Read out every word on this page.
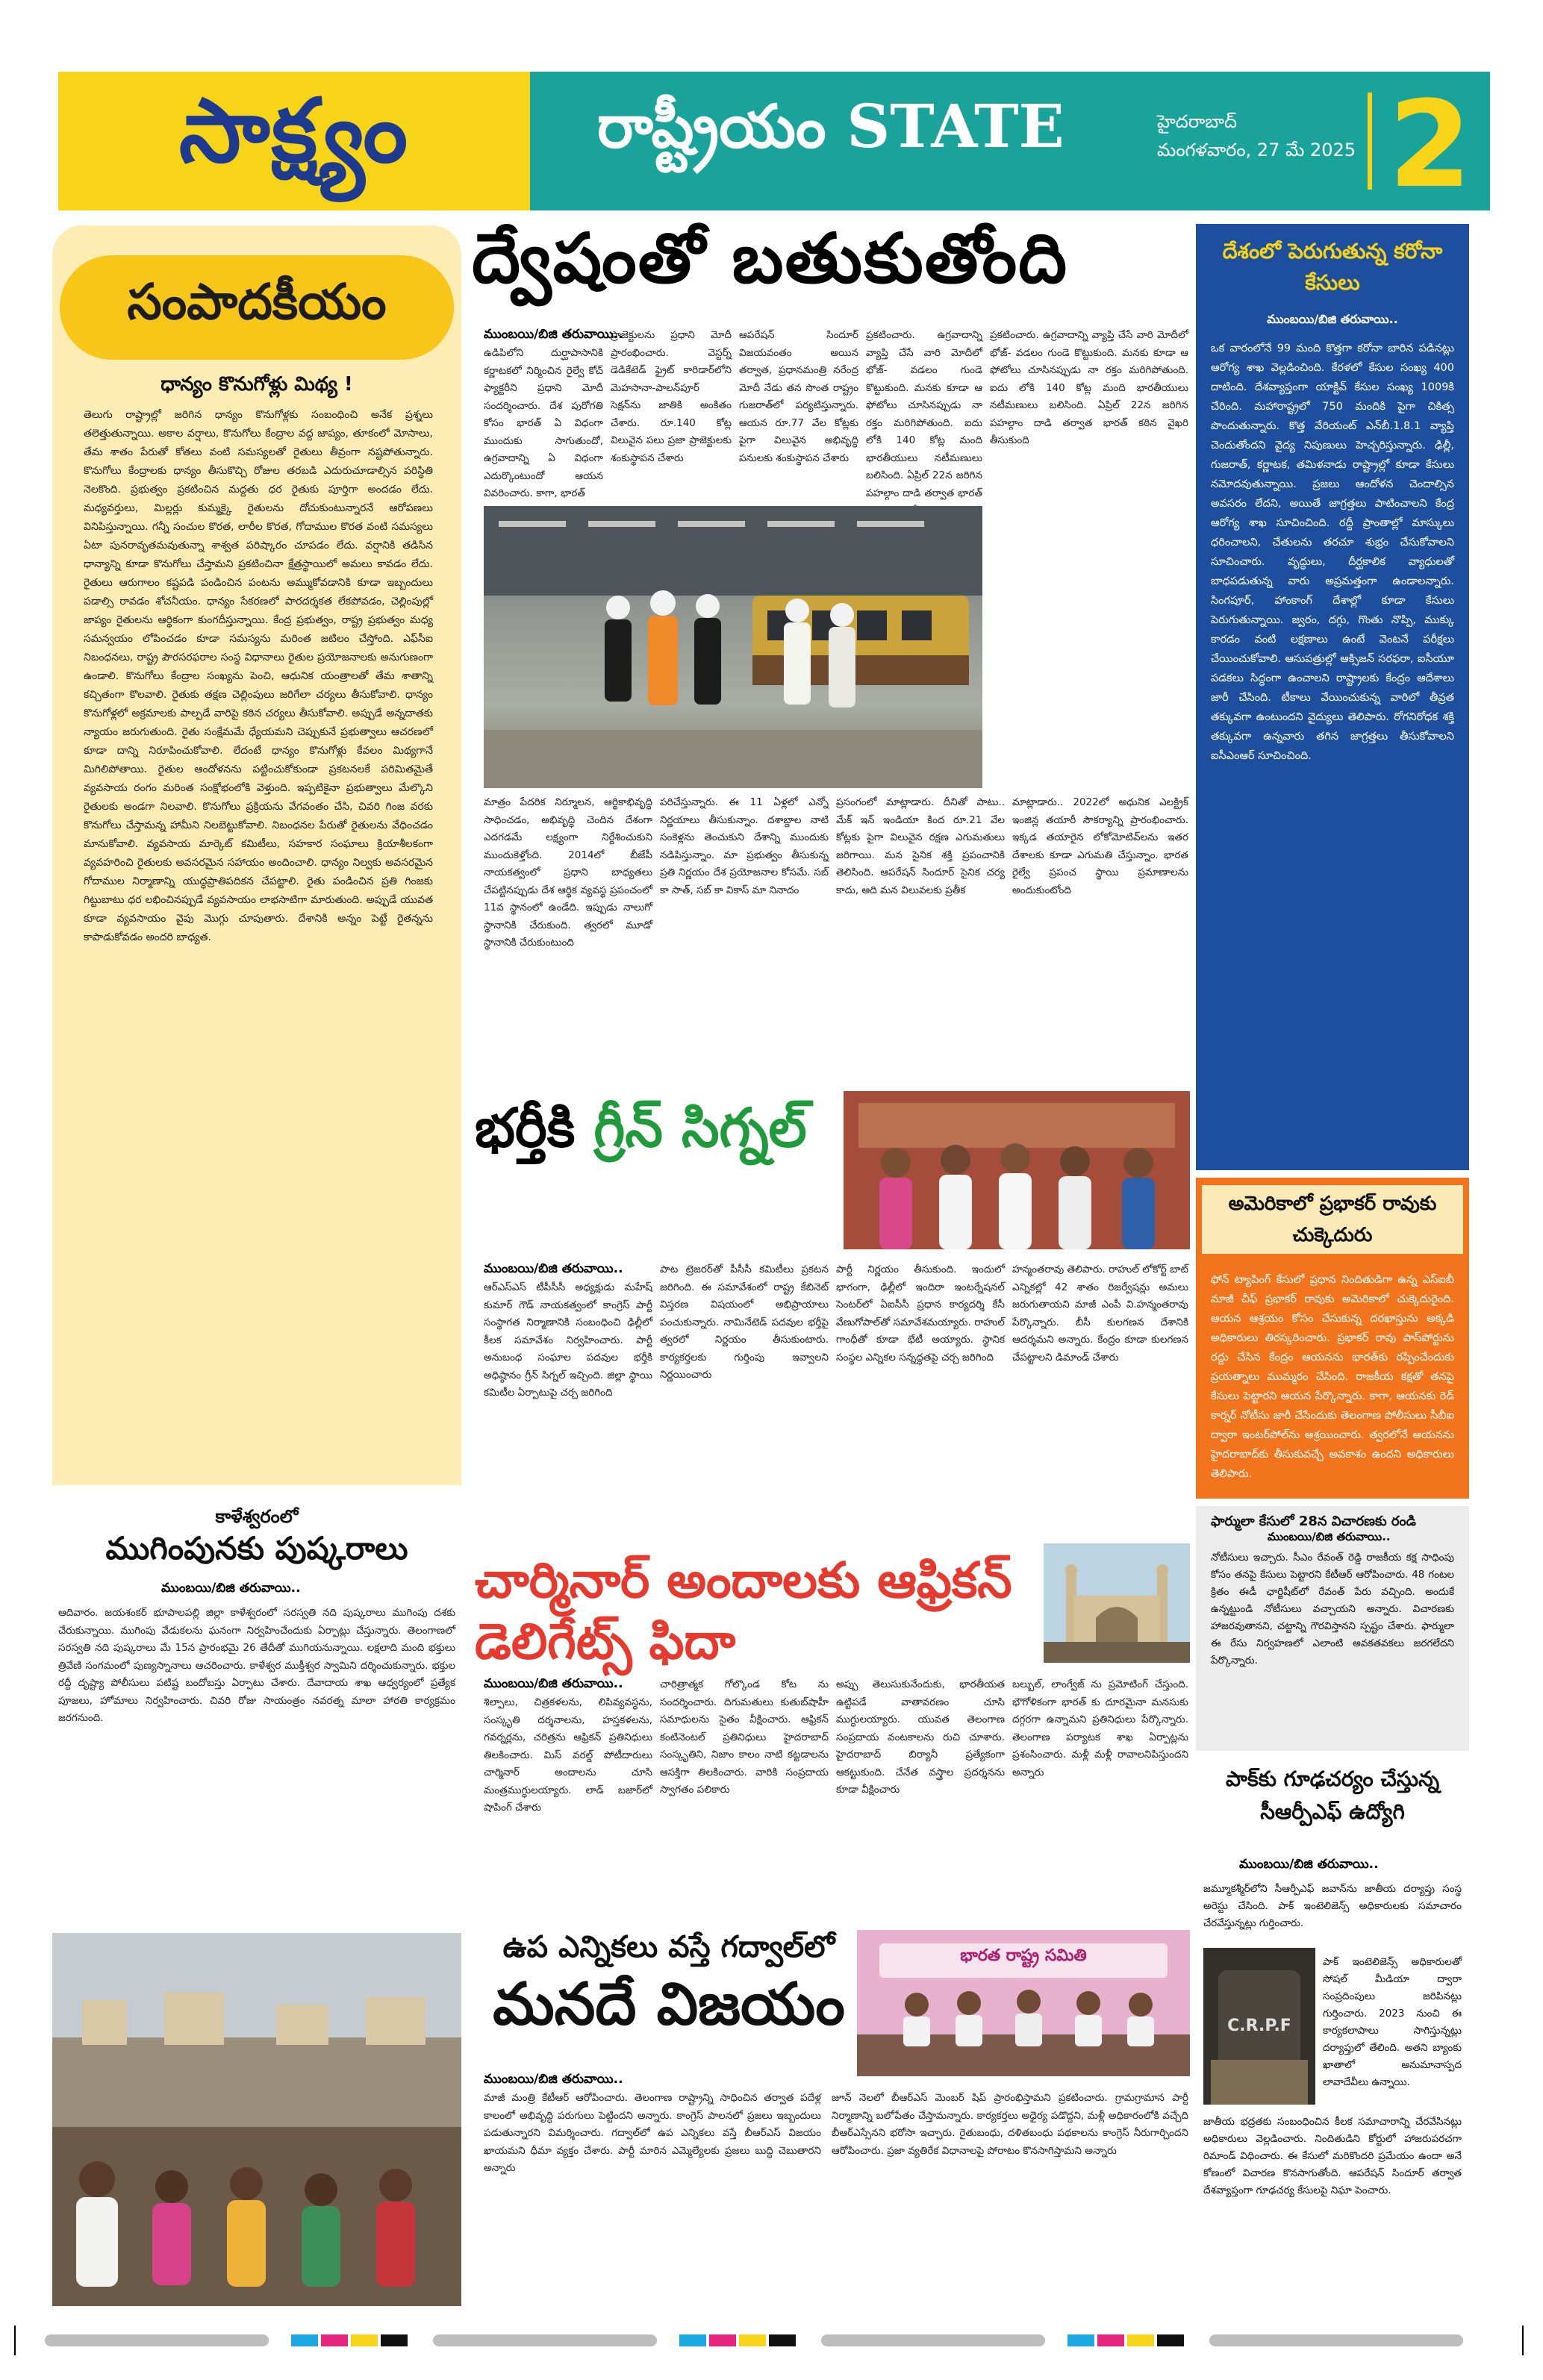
సాక్ష్యం	రాష్ట్రీయం STATE	హైదరాబాద్
మంగళవారం, 27 మే 2025 2
సంపాదకీయం
ధాన్యం కొనుగోళ్లు మిథ్య !
తెలుగు రాష్ట్రాల్లో జరిగిన ధాన్యం కొనుగోళ్లకు సంబంధించి అనేక ప్రశ్నలు తలెత్తుతున్నాయి. అకాల వర్షాలు, కొనుగోలు కేంద్రాల వద్ద జాప్యం, తూకంలో మోసాలు, తేమ శాతం పేరుతో కోతలు వంటి సమస్యలతో రైతులు తీవ్రంగా నష్టపోతున్నారు. కొనుగోలు కేంద్రాలకు ధాన్యం తీసుకొచ్చి రోజుల తరబడి ఎదురుచూడాల్సిన పరిస్థితి నెలకొంది. ప్రభుత్వం ప్రకటించిన మద్దతు ధర రైతుకు పూర్తిగా అందడం లేదు. మధ్యవర్తులు, మిల్లర్లు కుమ్మక్కై రైతులను దోచుకుంటున్నారనే ఆరోపణలు వినిపిస్తున్నాయి. గన్నీ సంచుల కొరత, లారీల కొరత, గోదాముల కొరత వంటి సమస్యలు ఏటా పునరావృతమవుతున్నా శాశ్వత పరిష్కారం చూపడం లేదు. వర్షానికి తడిసిన ధాన్యాన్ని కూడా కొనుగోలు చేస్తామని ప్రకటించినా క్షేత్రస్థాయిలో అమలు కావడం లేదు. రైతులు ఆరుగాలం కష్టపడి పండించిన పంటను అమ్ముకోవడానికి కూడా ఇబ్బందులు పడాల్సి రావడం శోచనీయం. ధాన్యం సేకరణలో పారదర్శకత లేకపోవడం, చెల్లింపుల్లో జాప్యం రైతులను ఆర్థికంగా కుంగదీస్తున్నాయి. కేంద్ర ప్రభుత్వం, రాష్ట్ర ప్రభుత్వం మధ్య సమన్వయం లోపించడం కూడా సమస్యను మరింత జటిలం చేస్తోంది. ఎఫ్‌సీఐ నిబంధనలు, రాష్ట్ర పౌరసరఫరాల సంస్థ విధానాలు రైతుల ప్రయోజనాలకు అనుగుణంగా ఉండాలి. కొనుగోలు కేంద్రాల సంఖ్యను పెంచి, ఆధునిక యంత్రాలతో తేమ శాతాన్ని కచ్చితంగా కొలవాలి. రైతుకు తక్షణ చెల్లింపులు జరిగేలా చర్యలు తీసుకోవాలి. ధాన్యం కొనుగోళ్లలో అక్రమాలకు పాల్పడే వారిపై కఠిన చర్యలు తీసుకోవాలి. అప్పుడే అన్నదాతకు న్యాయం జరుగుతుంది. రైతు సంక్షేమమే ధ్యేయమని చెప్పుకునే ప్రభుత్వాలు ఆచరణలో కూడా దాన్ని నిరూపించుకోవాలి. లేదంటే ధాన్యం కొనుగోళ్లు కేవలం మిథ్యగానే మిగిలిపోతాయి. రైతుల ఆందోళనను పట్టించుకోకుండా ప్రకటనలకే పరిమితమైతే వ్యవసాయ రంగం మరింత సంక్షోభంలోకి వెళ్తుంది. ఇప్పటికైనా ప్రభుత్వాలు మేల్కొని రైతులకు అండగా నిలవాలి. కొనుగోలు ప్రక్రియను వేగవంతం చేసి, చివరి గింజ వరకు కొనుగోలు చేస్తామన్న హామీని నిలబెట్టుకోవాలి. నిబంధనల పేరుతో రైతులను వేధించడం మానుకోవాలి. వ్యవసాయ మార్కెట్ కమిటీలు, సహకార సంఘాలు క్రియాశీలకంగా వ్యవహరించి రైతులకు అవసరమైన సహాయం అందించాలి. ధాన్యం నిల్వకు అవసరమైన గోదాముల నిర్మాణాన్ని యుద్ధప్రాతిపదికన చేపట్టాలి. రైతు పండించిన ప్రతి గింజకు గిట్టుబాటు ధర లభించినప్పుడే వ్యవసాయం లాభసాటిగా మారుతుంది. అప్పుడే యువత కూడా వ్యవసాయం వైపు మొగ్గు చూపుతారు. దేశానికి అన్నం పెట్టే రైతన్నను కాపాడుకోవడం అందరి బాధ్యత.
ద్వేషంతో బతుకుతోంది
ముంబయి/బిజి తరువాయి..
ఉడిపిలోని దుర్ఘాపాసానికి కర్ణాటకలో నిర్మించిన రైల్వే కోచ్ ఫ్యాక్టరీని ప్రధాని మోదీ సందర్శించారు. దేశ పురోగతి కోసం భారత్ ఏ విధంగా ముందుకు సాగుతుందో, ఉగ్రవాదాన్ని ఏ విధంగా ఎదుర్కొంటుందో ఆయన వివరించారు. కాగా, భారత్
ప్రాజెక్టులను ప్రధాని మోదీ ప్రారంభించారు. వెస్టర్న్ డెడికేటెడ్ ఫ్రైట్ కారిడార్‌లోని మెహసానా-పాలన్‌పూర్ సెక్షన్‌ను జాతికి అంకితం చేశారు. రూ.140 కోట్ల విలువైన పలు ప్రజా ప్రాజెక్టులకు శంకుస్థాపన చేశారు
ఆపరేషన్ సిందూర్ విజయవంతం అయిన తర్వాత, ప్రధానమంత్రి నరేంద్ర మోదీ నేడు తన సొంత రాష్ట్రం గుజరాత్‌లో పర్యటిస్తున్నారు. ఆయన రూ.77 వేల కోట్లకు పైగా విలువైన అభివృద్ధి పనులకు శంకుస్థాపన చేశారు
ప్రకటించారు. ఉగ్రవాదాన్ని వ్యాప్తి చేసే వారి మోదీలో భోజ్- వడలం గుండె కొట్టుకుంది. మనకు కూడా ఆ ఫోటోలు చూసినప్పుడు నా రక్తం మరిగిపోతుంది. ఐదు లోకి 140 కోట్ల మంది భారతీయులు నటీమణులు బలిసింది. ఏప్రిల్ 22న జరిగిన పహల్గాం దాడి తర్వాత భారత్
ప్రకటించారు. ఉగ్రవాదాన్ని వ్యాప్తి చేసే వారి మోదీలో భోజ్- వడలం గుండె కొట్టుకుంది. మనకు కూడా ఆ ఫోటోలు చూసినప్పుడు నా రక్తం మరిగిపోతుంది. ఐదు లోకి 140 కోట్ల మంది భారతీయులు నటీమణులు బలిసింది. ఏప్రిల్ 22న జరిగిన పహల్గాం దాడి తర్వాత భారత్ కఠిన వైఖరి తీసుకుంది
మాత్రం పేదరిక నిర్మూలన, ఆర్థికాభివృద్ధి సాధించడం, అభివృద్ధి చెందిన దేశంగా ఎదగడమే లక్ష్యంగా నిర్దేశించుకుని ముందుకెళ్తోంది. 2014లో బీజేపీ నాయకత్వంలో ప్రధాని బాధ్యతలు చేపట్టినప్పుడు దేశ ఆర్థిక వ్యవస్థ ప్రపంచంలో 11వ స్థానంలో ఉండేది. ఇప్పుడు నాలుగో స్థానానికి చేరుకుంది. త్వరలో మూడో స్థానానికి చేరుకుంటుంది
పరిచేస్తున్నారు. ఈ 11 ఏళ్లలో ఎన్నో నిర్ణయాలు తీసుకున్నాం. దశాబ్దాల నాటి సంకెళ్లను తెంచుకుని దేశాన్ని ముందుకు నడిపిస్తున్నాం. మా ప్రభుత్వం తీసుకున్న ప్రతి నిర్ణయం దేశ ప్రయోజనాల కోసమే. సబ్ కా సాత్, సబ్ కా వికాస్ మా నినాదం
ప్రసంగంలో మాట్లాడారు. దీనితో పాటు.. మేక్ ఇన్ ఇండియా కింద రూ.21 వేల కోట్లకు పైగా విలువైన రక్షణ ఎగుమతులు జరిగాయి. మన సైనిక శక్తి ప్రపంచానికి తెలిసింది. ఆపరేషన్ సిందూర్ సైనిక చర్య కాదు, అది మన విలువలకు ప్రతీక
మాట్లాడారు.. 2022లో అధునిక ఎలక్ట్రిక్ ఇంజిన్ల తయారీ సౌకర్యాన్ని ప్రారంభించారు. ఇక్కడ తయారైన లోకోమోటివ్‌లను ఇతర దేశాలకు కూడా ఎగుమతి చేస్తున్నాం. భారత రైల్వే ప్రపంచ స్థాయి ప్రమాణాలను అందుకుంటోంది
భర్తీకి గ్రీన్ సిగ్నల్
ముంబయి/బిజి తరువాయి..
ఆర్ఎస్ఎస్ టీపీసీసీ అధ్యక్షుడు మహేష్ కుమార్ గౌడ్ నాయకత్వంలో కాంగ్రెస్ పార్టీ సంస్థాగత నిర్మాణానికి సంబంధించి ఢిల్లీలో కీలక సమావేశం నిర్వహించారు. పార్టీ అనుబంధ సంఘాల పదవుల భర్తీకి అధిష్ఠానం గ్రీన్ సిగ్నల్ ఇచ్చింది. జిల్లా స్థాయి కమిటీల ఏర్పాటుపై చర్చ జరిగింది
పాట ట్రెజరర్‌తో పీసీసీ కమిటీలు ప్రకటన జరిగింది. ఈ సమావేశంలో రాష్ట్ర కేబినెట్ విస్తరణ విషయంలో అభిప్రాయాలు పంచుకున్నారు. నామినేటెడ్ పదవుల భర్తీపై త్వరలో నిర్ణయం తీసుకుంటారు. కార్యకర్తలకు గుర్తింపు ఇవ్వాలని నిర్ణయించారు
పార్టీ నిర్ణయం తీసుకుంది. ఇందులో భాగంగా, ఢిల్లీలో ఇందిరా ఇంటర్నేషనల్ సెంటర్‌లో ఏఐసీసీ ప్రధాన కార్యదర్శి కేసీ వేణుగోపాల్‌తో సమావేశమయ్యారు. రాహుల్ గాంధీతో కూడా భేటీ అయ్యారు. స్థానిక సంస్థల ఎన్నికల సన్నద్ధతపై చర్చ జరిగింది
హన్మంతరావు తెలిపారు. రాహుల్ లోకోర్ట్ బాట్ ఎన్నికల్లో 42 శాతం రిజర్వేషన్లు అమలు జరుగుతాయని మాజీ ఎంపీ వి.హన్మంతరావు పేర్కొన్నారు. బీసీ కులగణన దేశానికి ఆదర్శమని అన్నారు. కేంద్రం కూడా కులగణన చేపట్టాలని డిమాండ్ చేశారు
చార్మినార్ అందాలకు ఆఫ్రికన్ డెలిగేట్స్ ఫిదా
ముంబయి/బిజి తరువాయి..
శిల్పాలు, చిత్రకళలను, లిపివ్యవస్థను, సంస్కృతి దర్శనాలను, హస్తకళలను, గవర్నర్లను, చరిత్రను ఆఫ్రికన్ ప్రతినిధులు తిలకించారు. మిస్ వరల్డ్ పోటీదారులు చార్మినార్ అందాలను చూసి మంత్రముగ్ధులయ్యారు. లాడ్ బజార్‌లో షాపింగ్ చేశారు
చారిత్రాత్మక గోల్కొండ కోట ను సందర్శించారు. దిగుమతులు కుతుబ్‌షాహీ సమాధులను సైతం వీక్షించారు. ఆఫ్రికన్ కంటినెంటల్ ప్రతినిధులు హైదరాబాద్ సంస్కృతిని, నిజాం కాలం నాటి కట్టడాలను ఆసక్తిగా తిలకించారు. వారికి సంప్రదాయ స్వాగతం పలికారు
అప్పు తెలుసుకునేందుకు, భారతీయత ఉట్టిపడే వాతావరణం చూసి ముగ్ధులయ్యారు. యువత తెలంగాణ సంప్రదాయ వంటకాలను రుచి చూశారు. హైదరాబాద్ బిర్యానీ ప్రత్యేకంగా ఆకట్టుకుంది. చేనేత వస్త్రాల ప్రదర్శనను కూడా వీక్షించారు
బల్బుల్, లాంగ్వేజ్ ను ప్రమోటింగ్ చేస్తుంది. భౌగోళికంగా భారత్ కు దూరమైనా మనసుకు దగ్గరగా ఉన్నామని ప్రతినిధులు పేర్కొన్నారు. తెలంగాణ పర్యాటక శాఖ ఏర్పాట్లను ప్రశంసించారు. మళ్లీ మళ్లీ రావాలనిపిస్తుందని అన్నారు
ఉప ఎన్నికలు వస్తే గద్వాల్‌లో
మనదే విజయం
భారత రాష్ట్ర సమితి
ముంబయి/బిజి తరువాయి..
మాజీ మంత్రి కేటీఆర్ ఆరోపించారు. తెలంగాణ రాష్ట్రాన్ని సాధించిన తర్వాత పదేళ్ల కాలంలో అభివృద్ధి పరుగులు పెట్టిందని అన్నారు. కాంగ్రెస్ పాలనలో ప్రజలు ఇబ్బందులు పడుతున్నారని విమర్శించారు. గద్వాల్‌లో ఉప ఎన్నికలు వస్తే బీఆర్ఎస్ విజయం ఖాయమని ధీమా వ్యక్తం చేశారు. పార్టీ మారిన ఎమ్మెల్యేలకు ప్రజలు బుద్ధి చెబుతారని అన్నారు
జూన్ నెలలో బీఆర్ఎస్ మెంబర్ షిప్ ప్రారంభిస్తామని ప్రకటించారు. గ్రామగ్రామాన పార్టీ నిర్మాణాన్ని బలోపేతం చేస్తామన్నారు. కార్యకర్తలు అధైర్య పడొద్దని, మళ్లీ అధికారంలోకి వచ్చేది బీఆర్ఎస్సేనని భరోసా ఇచ్చారు. రైతుబంధు, దళితబంధు పథకాలను కాంగ్రెస్ నీరుగార్చిందని ఆరోపించారు. ప్రజా వ్యతిరేక విధానాలపై పోరాటం కొనసాగిస్తామని అన్నారు
కాళేశ్వరంలో
ముగింపునకు పుష్కరాలు
ముంబయి/బిజి తరువాయి..
ఆదివారం. జయశంకర్ భూపాలపల్లి జిల్లా కాళేశ్వరంలో సరస్వతి నది పుష్కరాలు ముగింపు దశకు చేరుకున్నాయి. ముగింపు వేడుకలను ఘనంగా నిర్వహించేందుకు ఏర్పాట్లు చేస్తున్నారు. తెలంగాణలో సరస్వతి నది పుష్కరాలు మే 15న ప్రారంభమై 26 తేదీతో ముగియనున్నాయి. లక్షలాది మంది భక్తులు త్రివేణి సంగమంలో పుణ్యస్నానాలు ఆచరించారు. కాళేశ్వర ముక్తీశ్వర స్వామిని దర్శించుకున్నారు. భక్తుల రద్దీ దృష్ట్యా పోలీసులు పటిష్ట బందోబస్తు ఏర్పాటు చేశారు. దేవాదాయ శాఖ ఆధ్వర్యంలో ప్రత్యేక పూజలు, హోమాలు నిర్వహించారు. చివరి రోజు సాయంత్రం నవరత్న మాలా హారతి కార్యక్రమం జరగనుంది.
దేశంలో పెరుగుతున్న కరోనా కేసులు
ముంబయి/బిజి తరువాయి..
ఒక వారంలోనే 99 మంది కొత్తగా కరోనా బారిన పడినట్లు ఆరోగ్య శాఖ వెల్లడించింది. కేరళలో కేసుల సంఖ్య 400 దాటింది. దేశవ్యాప్తంగా యాక్టివ్ కేసుల సంఖ్య 1009కి చేరింది. మహారాష్ట్రలో 750 మందికి పైగా చికిత్స పొందుతున్నారు. కొత్త వేరియంట్ ఎన్‌బీ.1.8.1 వ్యాప్తి చెందుతోందని వైద్య నిపుణులు హెచ్చరిస్తున్నారు. ఢిల్లీ, గుజరాత్, కర్ణాటక, తమిళనాడు రాష్ట్రాల్లో కూడా కేసులు నమోదవుతున్నాయి. ప్రజలు ఆందోళన చెందాల్సిన అవసరం లేదని, అయితే జాగ్రత్తలు పాటించాలని కేంద్ర ఆరోగ్య శాఖ సూచించింది. రద్దీ ప్రాంతాల్లో మాస్కులు ధరించాలని, చేతులను తరచూ శుభ్రం చేసుకోవాలని సూచించారు. వృద్ధులు, దీర్ఘకాలిక వ్యాధులతో బాధపడుతున్న వారు అప్రమత్తంగా ఉండాలన్నారు. సింగపూర్, హాంకాంగ్ దేశాల్లో కూడా కేసులు పెరుగుతున్నాయి. జ్వరం, దగ్గు, గొంతు నొప్పి, ముక్కు కారడం వంటి లక్షణాలు ఉంటే వెంటనే పరీక్షలు చేయించుకోవాలి. ఆసుపత్రుల్లో ఆక్సిజన్ సరఫరా, ఐసీయూ పడకలు సిద్ధంగా ఉంచాలని రాష్ట్రాలకు కేంద్రం ఆదేశాలు జారీ చేసింది. టీకాలు వేయించుకున్న వారిలో తీవ్రత తక్కువగా ఉంటుందని వైద్యులు తెలిపారు. రోగనిరోధక శక్తి తక్కువగా ఉన్నవారు తగిన జాగ్రత్తలు తీసుకోవాలని ఐసీఎంఆర్ సూచించింది.
అమెరికాలో ప్రభాకర్ రావుకు చుక్కెదురు
ఫోన్ ట్యాపింగ్ కేసులో ప్రధాన నిందితుడిగా ఉన్న ఎస్ఐబీ మాజీ చీఫ్ ప్రభాకర్ రావుకు అమెరికాలో చుక్కెదురైంది. ఆయన ఆశ్రయం కోసం చేసుకున్న దరఖాస్తును అక్కడి అధికారులు తిరస్కరించారు. ప్రభాకర్ రావు పాస్‌పోర్టును రద్దు చేసిన కేంద్రం ఆయనను భారత్‌కు రప్పించేందుకు ప్రయత్నాలు ముమ్మరం చేసింది. రాజకీయ కక్షతో తనపై కేసులు పెట్టారని ఆయన పేర్కొన్నారు. కాగా, ఆయనకు రెడ్ కార్నర్ నోటీసు జారీ చేసేందుకు తెలంగాణ పోలీసులు సీబీఐ ద్వారా ఇంటర్‌పోల్‌ను ఆశ్రయించారు. త్వరలోనే ఆయనను హైదరాబాద్‌కు తీసుకువచ్చే అవకాశం ఉందని అధికారులు తెలిపారు.
ఫార్ములా కేసులో 28న విచారణకు రండి
ముంబయి/బిజి తరువాయి..
నోటీసులు ఇచ్చారు. సీఎం రేవంత్ రెడ్డి రాజకీయ కక్ష సాధింపు కోసం తనపై కేసులు పెట్టారని కేటీఆర్ ఆరోపించారు. 48 గంటల క్రితం ఈడీ ఛార్జిషీట్‌లో రేవంత్ పేరు వచ్చింది. అందుకే ఉన్నట్టుండి నోటీసులు వచ్చాయని అన్నారు. విచారణకు హాజరవుతానని, చట్టాన్ని గౌరవిస్తానని స్పష్టం చేశారు. ఫార్ములా ఈ రేసు నిర్వహణలో ఎలాంటి అవకతవకలు జరగలేదని పేర్కొన్నారు.
పాక్‌కు గూఢచర్యం చేస్తున్న సీఆర్పీఎఫ్ ఉద్యోగి
ముంబయి/బిజి తరువాయి..
జమ్మూకశ్మీర్‌లోని సీఆర్పీఎఫ్ జవాన్‌ను జాతీయ దర్యాప్తు సంస్థ అరెస్టు చేసింది. పాక్ ఇంటెలిజెన్స్ అధికారులకు సమాచారం చేరవేస్తున్నట్లు గుర్తించారు.
C.R.P.F
పాక్ ఇంటెలిజెన్స్ అధికారులతో సోషల్ మీడియా ద్వారా సంప్రదింపులు జరిపినట్లు గుర్తించారు. 2023 నుంచి ఈ కార్యకలాపాలు సాగిస్తున్నట్లు దర్యాప్తులో తేలింది. అతని బ్యాంకు ఖాతాలో అనుమానాస్పద లావాదేవీలు ఉన్నాయి.
జాతీయ భద్రతకు సంబంధించిన కీలక సమాచారాన్ని చేరవేసినట్లు అధికారులు వెల్లడించారు. నిందితుడిని కోర్టులో హాజరుపరచగా రిమాండ్ విధించారు. ఈ కేసులో మరికొందరి ప్రమేయం ఉందా అనే కోణంలో విచారణ కొనసాగుతోంది. ఆపరేషన్ సిందూర్ తర్వాత దేశవ్యాప్తంగా గూఢచర్య కేసులపై నిఘా పెంచారు.
